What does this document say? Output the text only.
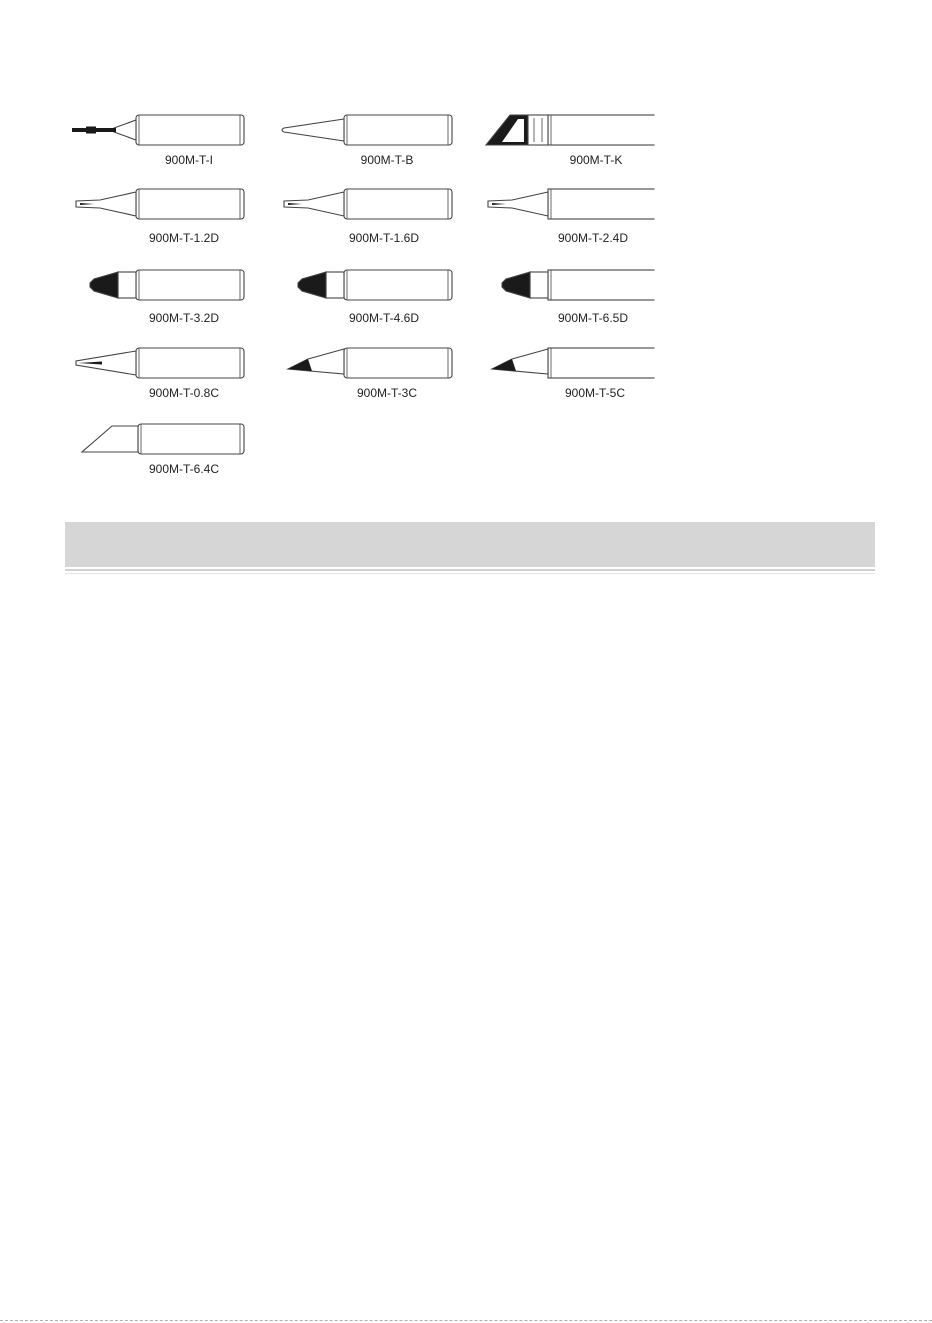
900M-T-I	900M-T-B	900M-T-K
900M-T-1.2D	900M-T-1.6D	900M-T-2.4D
900M-T-3.2D	900M-T-4.6D	900M-T-6.5D
900M-T-0.8C	900M-T-3C	900M-T-5C
900M-T-6.4C
